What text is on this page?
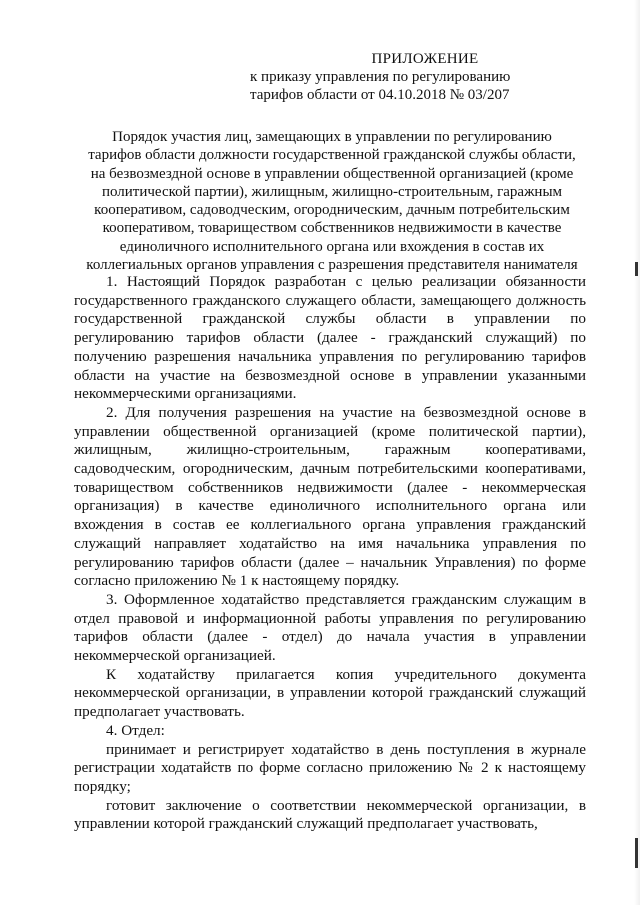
ПРИЛОЖЕНИЕ
к приказу управления по регулированию
тарифов области от 04.10.2018 № 03/207
Порядок участия лиц, замещающих в управлении по регулированию
тарифов области должности государственной гражданской службы области,
на безвозмездной основе в управлении общественной организацией (кроме
политической партии), жилищным, жилищно-строительным, гаражным
кооперативом, садоводческим, огородническим, дачным потребительским
кооперативом, товариществом собственников недвижимости в качестве
единоличного исполнительного органа или вхождения в состав их
коллегиальных органов управления с разрешения представителя нанимателя

1. Настоящий Порядок разработан с целью реализации обязанности государственного гражданского служащего области, замещающего должность государственной гражданской службы области в управлении по регулированию тарифов области (далее - гражданский служащий) по получению разрешения начальника управления по регулированию тарифов области на участие на безвозмездной основе в управлении указанными некоммерческими организациями.

2. Для получения разрешения на участие на безвозмездной основе в управлении общественной организацией (кроме политической партии), жилищным, жилищно-строительным, гаражным кооперативами, садоводческим, огородническим, дачным потребительскими кооперативами, товариществом собственников недвижимости (далее - некоммерческая организация) в качестве единоличного исполнительного органа или вхождения в состав ее коллегиального органа управления гражданский служащий направляет ходатайство на имя начальника управления по регулированию тарифов области (далее – начальник Управления) по форме согласно приложению № 1 к настоящему порядку.

3. Оформленное ходатайство представляется гражданским служащим в отдел правовой и информационной работы управления по регулированию тарифов области (далее - отдел) до начала участия в управлении некоммерческой организацией.

К ходатайству прилагается копия учредительного документа некоммерческой организации, в управлении которой гражданский служащий предполагает участвовать.

4. Отдел:

принимает и регистрирует ходатайство в день поступления в журнале регистрации ходатайств по форме согласно приложению № 2 к настоящему порядку;

готовит заключение о соответствии некоммерческой организации, в управлении которой гражданский служащий предполагает участвовать,
